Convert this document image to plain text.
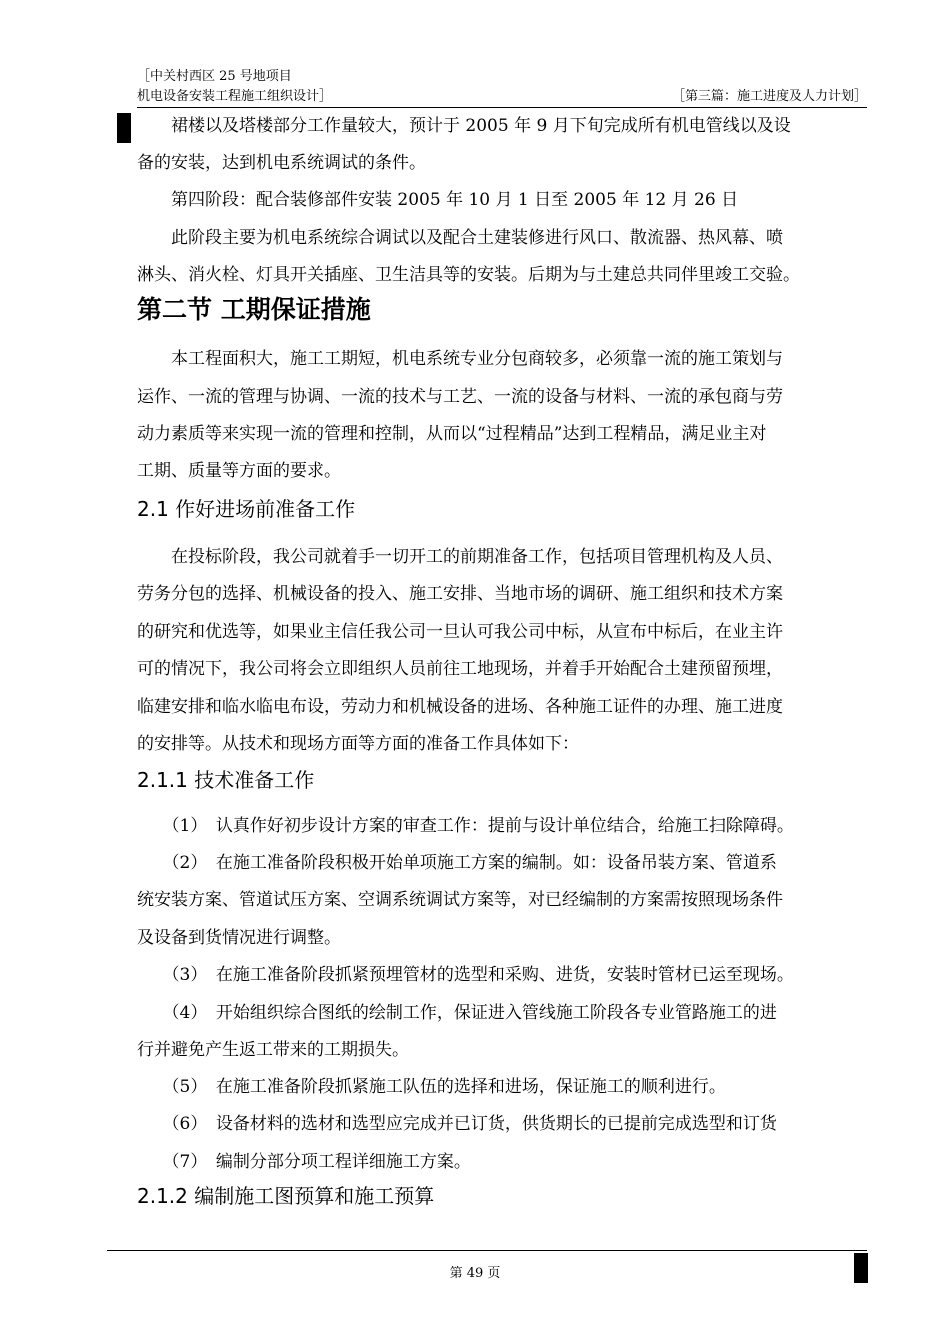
［中关村西区 25 号地项目
机电设备安装工程施工组织设计］	［第三篇：施工进度及人力计划］
　　裙楼以及塔楼部分工作量较大，预计于 2005 年 9 月下旬完成所有机电管线以及设
备的安装，达到机电系统调试的条件。
　　第四阶段：配合装修部件安装 2005 年 10 月 1 日至 2005 年 12 月 26 日
　　此阶段主要为机电系统综合调试以及配合土建装修进行风口、散流器、热风幕、喷
淋头、消火栓、灯具开关插座、卫生洁具等的安装。后期为与土建总共同伴里竣工交验。
第二节 工期保证措施
　　本工程面积大，施工工期短，机电系统专业分包商较多，必须靠一流的施工策划与
运作、一流的管理与协调、一流的技术与工艺、一流的设备与材料、一流的承包商与劳
动力素质等来实现一流的管理和控制，从而以“过程精品”达到工程精品，满足业主对
工期、质量等方面的要求。
2.1 作好进场前准备工作
　　在投标阶段，我公司就着手一切开工的前期准备工作，包括项目管理机构及人员、
劳务分包的选择、机械设备的投入、施工安排、当地市场的调研、施工组织和技术方案
的研究和优选等，如果业主信任我公司一旦认可我公司中标，从宣布中标后，在业主许
可的情况下，我公司将会立即组织人员前往工地现场，并着手开始配合土建预留预埋，
临建安排和临水临电布设，劳动力和机械设备的进场、各种施工证件的办理、施工进度
的安排等。从技术和现场方面等方面的准备工作具体如下：
2.1.1 技术准备工作
　　（1）　认真作好初步设计方案的审查工作：提前与设计单位结合，给施工扫除障碍。
　　（2）　在施工准备阶段积极开始单项施工方案的编制。如：设备吊装方案、管道系
统安装方案、管道试压方案、空调系统调试方案等，对已经编制的方案需按照现场条件
及设备到货情况进行调整。
　　（3）　在施工准备阶段抓紧预埋管材的选型和采购、进货，安装时管材已运至现场。
　　（4）　开始组织综合图纸的绘制工作，保证进入管线施工阶段各专业管路施工的进
行并避免产生返工带来的工期损失。
　　（5）　在施工准备阶段抓紧施工队伍的选择和进场，保证施工的顺利进行。
　　（6）　设备材料的选材和选型应完成并已订货，供货期长的已提前完成选型和订货
　　（7）　编制分部分项工程详细施工方案。
2.1.2 编制施工图预算和施工预算
第 49 页
